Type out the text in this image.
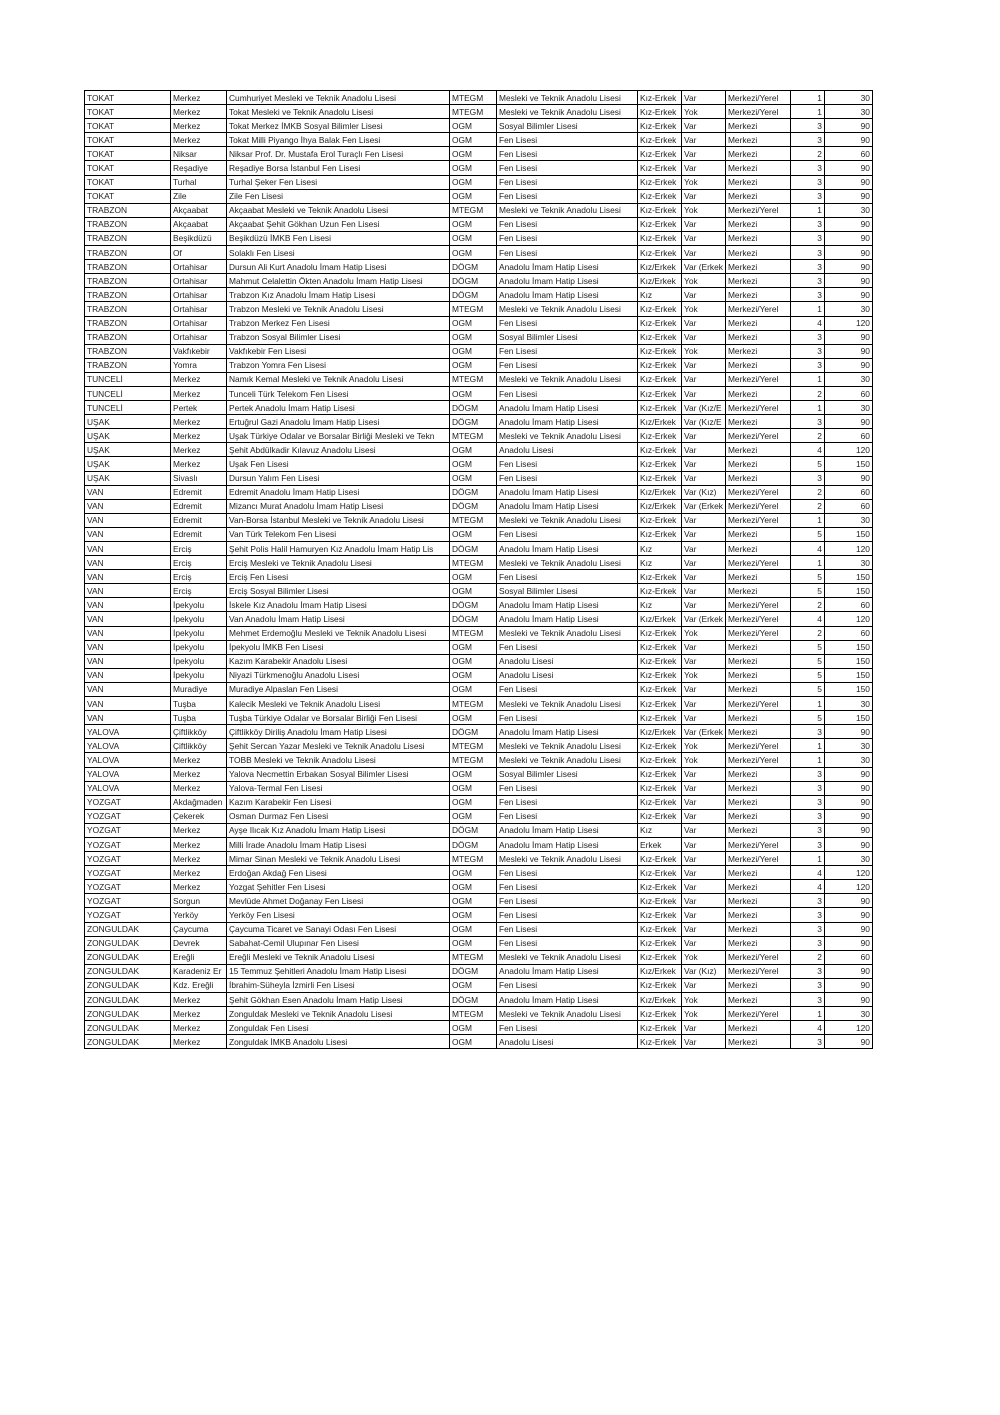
TOKAT	Merkez	Cumhuriyet Mesleki ve Teknik Anadolu Lisesi	MTEGM	Mesleki ve Teknik Anadolu Lisesi	Kız-Erkek	Var	Merkezi/Yerel	1	30
TOKAT	Merkez	Tokat Mesleki ve Teknik Anadolu Lisesi	MTEGM	Mesleki ve Teknik Anadolu Lisesi	Kız-Erkek	Yok	Merkezi/Yerel	1	30
TOKAT	Merkez	Tokat Merkez İMKB Sosyal Bilimler Lisesi	OGM	Sosyal Bilimler Lisesi	Kız-Erkek	Var	Merkezi	3	90
TOKAT	Merkez	Tokat Milli Piyango İhya Balak Fen Lisesi	OGM	Fen Lisesi	Kız-Erkek	Var	Merkezi	3	90
TOKAT	Niksar	Niksar Prof. Dr. Mustafa Erol Turaçlı Fen Lisesi	OGM	Fen Lisesi	Kız-Erkek	Var	Merkezi	2	60
TOKAT	Reşadiye	Reşadiye Borsa İstanbul Fen Lisesi	OGM	Fen Lisesi	Kız-Erkek	Var	Merkezi	3	90
TOKAT	Turhal	Turhal Şeker Fen Lisesi	OGM	Fen Lisesi	Kız-Erkek	Yok	Merkezi	3	90
TOKAT	Zile	Zile Fen Lisesi	OGM	Fen Lisesi	Kız-Erkek	Var	Merkezi	3	90
TRABZON	Akçaabat	Akçaabat Mesleki ve Teknik Anadolu Lisesi	MTEGM	Mesleki ve Teknik Anadolu Lisesi	Kız-Erkek	Yok	Merkezi/Yerel	1	30
TRABZON	Akçaabat	Akçaabat Şehit Gökhan Uzun Fen Lisesi	OGM	Fen Lisesi	Kız-Erkek	Var	Merkezi	3	90
TRABZON	Beşikdüzü	Beşikdüzü İMKB Fen Lisesi	OGM	Fen Lisesi	Kız-Erkek	Var	Merkezi	3	90
TRABZON	Of	Solaklı Fen Lisesi	OGM	Fen Lisesi	Kız-Erkek	Var	Merkezi	3	90
TRABZON	Ortahisar	Dursun Ali Kurt Anadolu İmam Hatip Lisesi	DÖGM	Anadolu İmam Hatip Lisesi	Kız/Erkek	Var (Erkek	Merkezi	3	90
TRABZON	Ortahisar	Mahmut Celalettin Ökten Anadolu İmam Hatip Lisesi	DÖGM	Anadolu İmam Hatip Lisesi	Kız/Erkek	Yok	Merkezi	3	90
TRABZON	Ortahisar	Trabzon Kız Anadolu İmam Hatip Lisesi	DÖGM	Anadolu İmam Hatip Lisesi	Kız	Var	Merkezi	3	90
TRABZON	Ortahisar	Trabzon Mesleki ve Teknik Anadolu Lisesi	MTEGM	Mesleki ve Teknik Anadolu Lisesi	Kız-Erkek	Yok	Merkezi/Yerel	1	30
TRABZON	Ortahisar	Trabzon Merkez Fen Lisesi	OGM	Fen Lisesi	Kız-Erkek	Var	Merkezi	4	120
TRABZON	Ortahisar	Trabzon Sosyal Bilimler Lisesi	OGM	Sosyal Bilimler Lisesi	Kız-Erkek	Var	Merkezi	3	90
TRABZON	Vakfıkebir	Vakfıkebir Fen Lisesi	OGM	Fen Lisesi	Kız-Erkek	Yok	Merkezi	3	90
TRABZON	Yomra	Trabzon Yomra Fen Lisesi	OGM	Fen Lisesi	Kız-Erkek	Var	Merkezi	3	90
TUNCELİ	Merkez	Namık Kemal Mesleki ve Teknik Anadolu Lisesi	MTEGM	Mesleki ve Teknik Anadolu Lisesi	Kız-Erkek	Var	Merkezi/Yerel	1	30
TUNCELİ	Merkez	Tunceli Türk Telekom Fen Lisesi	OGM	Fen Lisesi	Kız-Erkek	Var	Merkezi	2	60
TUNCELİ	Pertek	Pertek Anadolu İmam Hatip Lisesi	DÖGM	Anadolu İmam Hatip Lisesi	Kız-Erkek	Var (Kız/E	Merkezi/Yerel	1	30
UŞAK	Merkez	Ertuğrul Gazi Anadolu İmam Hatip Lisesi	DÖGM	Anadolu İmam Hatip Lisesi	Kız/Erkek	Var (Kız/E	Merkezi	3	90
UŞAK	Merkez	Uşak Türkiye Odalar ve Borsalar Birliği Mesleki ve Tekn	MTEGM	Mesleki ve Teknik Anadolu Lisesi	Kız-Erkek	Var	Merkezi/Yerel	2	60
UŞAK	Merkez	Şehit Abdülkadir Kılavuz Anadolu Lisesi	OGM	Anadolu Lisesi	Kız-Erkek	Var	Merkezi	4	120
UŞAK	Merkez	Uşak Fen Lisesi	OGM	Fen Lisesi	Kız-Erkek	Var	Merkezi	5	150
UŞAK	Sivaslı	Dursun Yalım Fen Lisesi	OGM	Fen Lisesi	Kız-Erkek	Var	Merkezi	3	90
VAN	Edremit	Edremit Anadolu İmam Hatip Lisesi	DÖGM	Anadolu İmam Hatip Lisesi	Kız/Erkek	Var (Kız)	Merkezi/Yerel	2	60
VAN	Edremit	Mizancı Murat Anadolu İmam Hatip Lisesi	DÖGM	Anadolu İmam Hatip Lisesi	Kız/Erkek	Var (Erkek	Merkezi/Yerel	2	60
VAN	Edremit	Van-Borsa İstanbul Mesleki ve Teknik Anadolu Lisesi	MTEGM	Mesleki ve Teknik Anadolu Lisesi	Kız-Erkek	Var	Merkezi/Yerel	1	30
VAN	Edremit	Van Türk Telekom Fen Lisesi	OGM	Fen Lisesi	Kız-Erkek	Var	Merkezi	5	150
VAN	Erciş	Şehit Polis Halil Hamuryen Kız Anadolu İmam Hatip Lis	DÖGM	Anadolu İmam Hatip Lisesi	Kız	Var	Merkezi	4	120
VAN	Erciş	Erciş Mesleki ve Teknik Anadolu Lisesi	MTEGM	Mesleki ve Teknik Anadolu Lisesi	Kız	Var	Merkezi/Yerel	1	30
VAN	Erciş	Erciş Fen Lisesi	OGM	Fen Lisesi	Kız-Erkek	Var	Merkezi	5	150
VAN	Erciş	Erciş Sosyal Bilimler Lisesi	OGM	Sosyal Bilimler Lisesi	Kız-Erkek	Var	Merkezi	5	150
VAN	İpekyolu	İskele Kız Anadolu İmam Hatip Lisesi	DÖGM	Anadolu İmam Hatip Lisesi	Kız	Var	Merkezi/Yerel	2	60
VAN	İpekyolu	Van Anadolu İmam Hatip Lisesi	DÖGM	Anadolu İmam Hatip Lisesi	Kız/Erkek	Var (Erkek	Merkezi/Yerel	4	120
VAN	İpekyolu	Mehmet Erdemoğlu Mesleki ve Teknik Anadolu Lisesi	MTEGM	Mesleki ve Teknik Anadolu Lisesi	Kız-Erkek	Yok	Merkezi/Yerel	2	60
VAN	İpekyolu	İpekyolu İMKB Fen Lisesi	OGM	Fen Lisesi	Kız-Erkek	Var	Merkezi	5	150
VAN	İpekyolu	Kazım Karabekir Anadolu Lisesi	OGM	Anadolu Lisesi	Kız-Erkek	Var	Merkezi	5	150
VAN	İpekyolu	Niyazi Türkmenoğlu Anadolu Lisesi	OGM	Anadolu Lisesi	Kız-Erkek	Yok	Merkezi	5	150
VAN	Muradiye	Muradiye Alpaslan Fen Lisesi	OGM	Fen Lisesi	Kız-Erkek	Var	Merkezi	5	150
VAN	Tuşba	Kalecik Mesleki ve Teknik Anadolu Lisesi	MTEGM	Mesleki ve Teknik Anadolu Lisesi	Kız-Erkek	Var	Merkezi/Yerel	1	30
VAN	Tuşba	Tuşba Türkiye Odalar ve Borsalar Birliği Fen Lisesi	OGM	Fen Lisesi	Kız-Erkek	Var	Merkezi	5	150
YALOVA	Çiftlikköy	Çiftlikköy Diriliş Anadolu İmam Hatip Lisesi	DÖGM	Anadolu İmam Hatip Lisesi	Kız/Erkek	Var (Erkek	Merkezi	3	90
YALOVA	Çiftlikköy	Şehit Sercan Yazar Mesleki ve Teknik Anadolu Lisesi	MTEGM	Mesleki ve Teknik Anadolu Lisesi	Kız-Erkek	Yok	Merkezi/Yerel	1	30
YALOVA	Merkez	TOBB Mesleki ve Teknik Anadolu Lisesi	MTEGM	Mesleki ve Teknik Anadolu Lisesi	Kız-Erkek	Yok	Merkezi/Yerel	1	30
YALOVA	Merkez	Yalova Necmettin Erbakan Sosyal Bilimler Lisesi	OGM	Sosyal Bilimler Lisesi	Kız-Erkek	Var	Merkezi	3	90
YALOVA	Merkez	Yalova-Termal Fen Lisesi	OGM	Fen Lisesi	Kız-Erkek	Var	Merkezi	3	90
YOZGAT	Akdağmaden	Kazım Karabekir Fen Lisesi	OGM	Fen Lisesi	Kız-Erkek	Var	Merkezi	3	90
YOZGAT	Çekerek	Osman Durmaz Fen Lisesi	OGM	Fen Lisesi	Kız-Erkek	Var	Merkezi	3	90
YOZGAT	Merkez	Ayşe Ilıcak Kız Anadolu İmam Hatip Lisesi	DÖGM	Anadolu İmam Hatip Lisesi	Kız	Var	Merkezi	3	90
YOZGAT	Merkez	Milli İrade Anadolu İmam Hatip Lisesi	DÖGM	Anadolu İmam Hatip Lisesi	Erkek	Var	Merkezi/Yerel	3	90
YOZGAT	Merkez	Mimar Sinan Mesleki ve Teknik Anadolu Lisesi	MTEGM	Mesleki ve Teknik Anadolu Lisesi	Kız-Erkek	Var	Merkezi/Yerel	1	30
YOZGAT	Merkez	Erdoğan Akdağ Fen Lisesi	OGM	Fen Lisesi	Kız-Erkek	Var	Merkezi	4	120
YOZGAT	Merkez	Yozgat Şehitler Fen Lisesi	OGM	Fen Lisesi	Kız-Erkek	Var	Merkezi	4	120
YOZGAT	Sorgun	Mevlüde Ahmet Doğanay Fen Lisesi	OGM	Fen Lisesi	Kız-Erkek	Var	Merkezi	3	90
YOZGAT	Yerköy	Yerköy Fen Lisesi	OGM	Fen Lisesi	Kız-Erkek	Var	Merkezi	3	90
ZONGULDAK	Çaycuma	Çaycuma Ticaret ve Sanayi Odası Fen Lisesi	OGM	Fen Lisesi	Kız-Erkek	Var	Merkezi	3	90
ZONGULDAK	Devrek	Sabahat-Cemil Ulupınar Fen Lisesi	OGM	Fen Lisesi	Kız-Erkek	Var	Merkezi	3	90
ZONGULDAK	Ereğli	Ereğli Mesleki ve Teknik Anadolu Lisesi	MTEGM	Mesleki ve Teknik Anadolu Lisesi	Kız-Erkek	Yok	Merkezi/Yerel	2	60
ZONGULDAK	Karadeniz Er	15 Temmuz Şehitleri Anadolu İmam Hatip Lisesi	DÖGM	Anadolu İmam Hatip Lisesi	Kız/Erkek	Var (Kız)	Merkezi/Yerel	3	90
ZONGULDAK	Kdz. Ereğli	İbrahim-Süheyla İzmirli Fen Lisesi	OGM	Fen Lisesi	Kız-Erkek	Var	Merkezi	3	90
ZONGULDAK	Merkez	Şehit Gökhan Esen Anadolu İmam Hatip Lisesi	DÖGM	Anadolu İmam Hatip Lisesi	Kız/Erkek	Yok	Merkezi	3	90
ZONGULDAK	Merkez	Zonguldak Mesleki ve Teknik Anadolu Lisesi	MTEGM	Mesleki ve Teknik Anadolu Lisesi	Kız-Erkek	Yok	Merkezi/Yerel	1	30
ZONGULDAK	Merkez	Zonguldak Fen Lisesi	OGM	Fen Lisesi	Kız-Erkek	Var	Merkezi	4	120
ZONGULDAK	Merkez	Zonguldak İMKB Anadolu Lisesi	OGM	Anadolu Lisesi	Kız-Erkek	Var	Merkezi	3	90
